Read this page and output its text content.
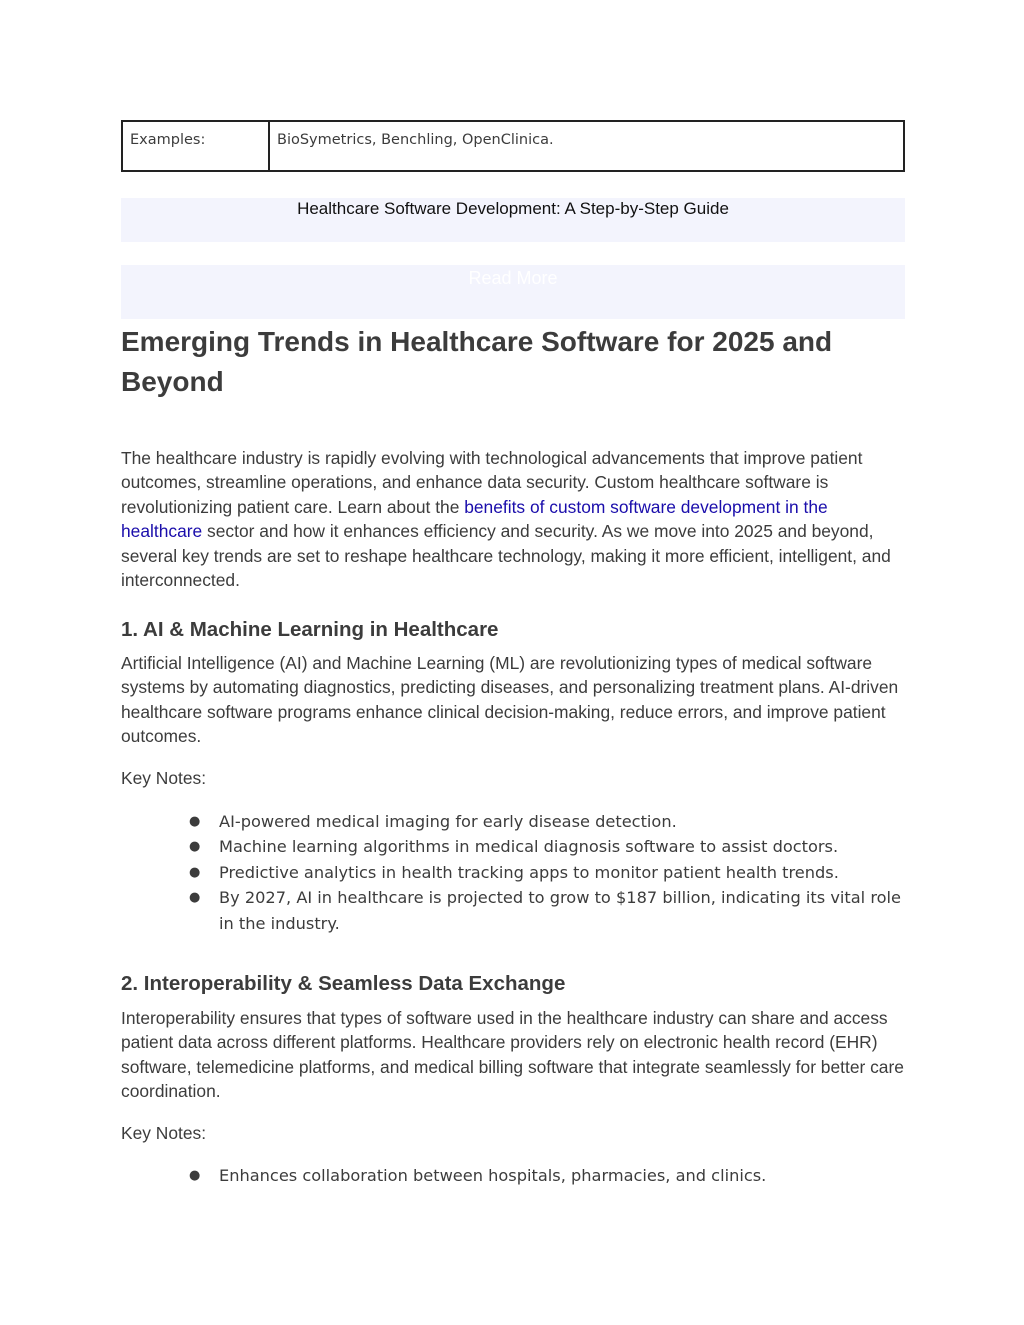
Examples:	BioSymetrics, Benchling, OpenClinica.
Healthcare Software Development: A Step-by-Step Guide
Read More
Emerging Trends in Healthcare Software for 2025 and Beyond

The healthcare industry is rapidly evolving with technological advancements that improve patient outcomes, streamline operations, and enhance data security. Custom healthcare software is revolutionizing patient care. Learn about the benefits of custom software development in the healthcare sector and how it enhances efficiency and security. As we move into 2025 and beyond, several key trends are set to reshape healthcare technology, making it more efficient, intelligent, and interconnected.

1. AI & Machine Learning in Healthcare

Artificial Intelligence (AI) and Machine Learning (ML) are revolutionizing types of medical software systems by automating diagnostics, predicting diseases, and personalizing treatment plans. AI-driven healthcare software programs enhance clinical decision-making, reduce errors, and improve patient outcomes.

Key Notes:

● AI-powered medical imaging for early disease detection.
● Machine learning algorithms in medical diagnosis software to assist doctors.
● Predictive analytics in health tracking apps to monitor patient health trends.
● By 2027, AI in healthcare is projected to grow to $187 billion, indicating its vital role in the industry.
2. Interoperability & Seamless Data Exchange

Interoperability ensures that types of software used in the healthcare industry can share and access patient data across different platforms. Healthcare providers rely on electronic health record (EHR) software, telemedicine platforms, and medical billing software that integrate seamlessly for better care coordination.

Key Notes:

● Enhances collaboration between hospitals, pharmacies, and clinics.
